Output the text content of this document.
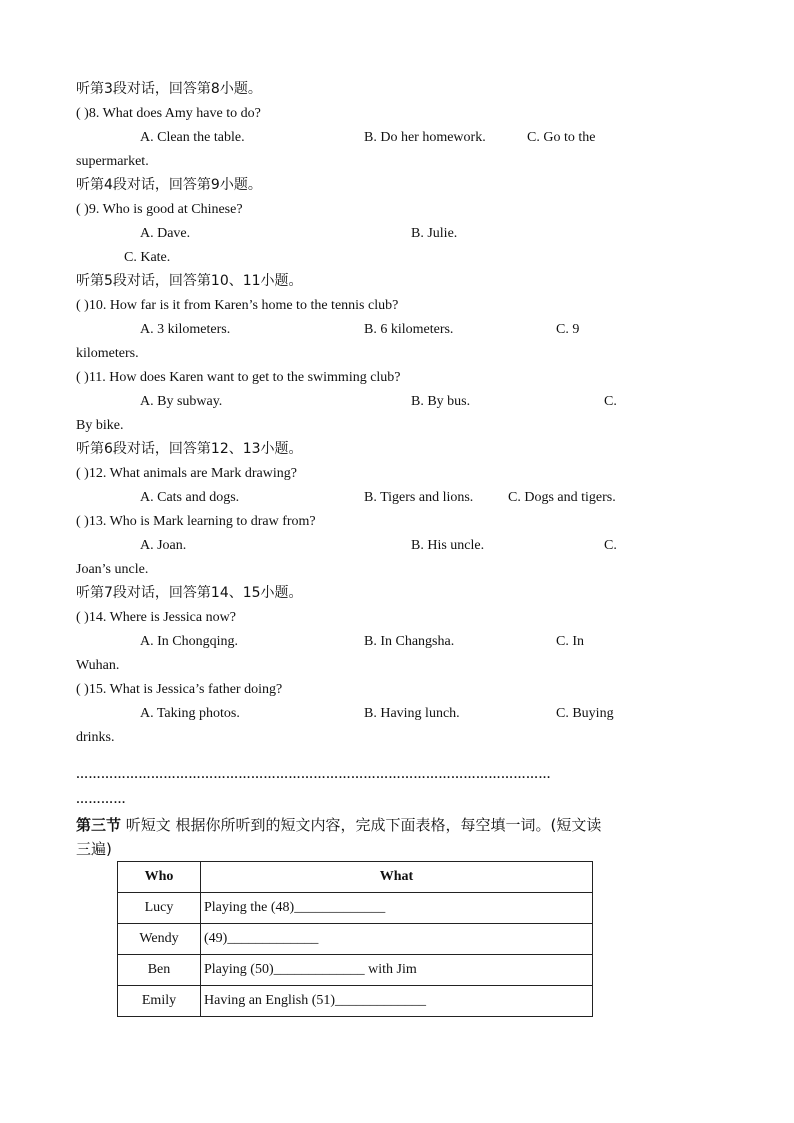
听第3段对话，回答第8小题。
( )8. What does Amy have to do?
A. Clean the table.	B. Do her homework.	C. Go to the
supermarket.
听第4段对话，回答第9小题。
( )9. Who is good at Chinese?
A. Dave.	B. Julie.
C. Kate.
听第5段对话，回答第10、11小题。
( )10. How far is it from Karen’s home to the tennis club?
A. 3 kilometers.	B. 6 kilometers.	C. 9
kilometers.
( )11. How does Karen want to get to the swimming club?
A. By subway.	B. By bus.	C.
By bike.
听第6段对话，回答第12、13小题。
( )12. What animals are Mark drawing?
A. Cats and dogs.	B. Tigers and lions. C. Dogs and tigers.
( )13. Who is Mark learning to draw from?
A. Joan.	B. His uncle.	C.
Joan’s uncle.
听第7段对话，回答第14、15小题。
( )14. Where is Jessica now?
A. In Chongqing.	B. In Changsha.	C. In
Wuhan.
( )15. What is Jessica’s father doing?
A. Taking photos.	B. Having lunch.	C. Buying
drinks.
……………………………………………………………………………………………………
…………
第三节 听短文 根据你所听到的短文内容，完成下面表格，每空填一词。(短文读
三遍)
Who	What
Lucy	Playing the (48)_____________
Wendy	(49)_____________
Ben	Playing (50)_____________ with Jim
Emily	Having an English (51)_____________
